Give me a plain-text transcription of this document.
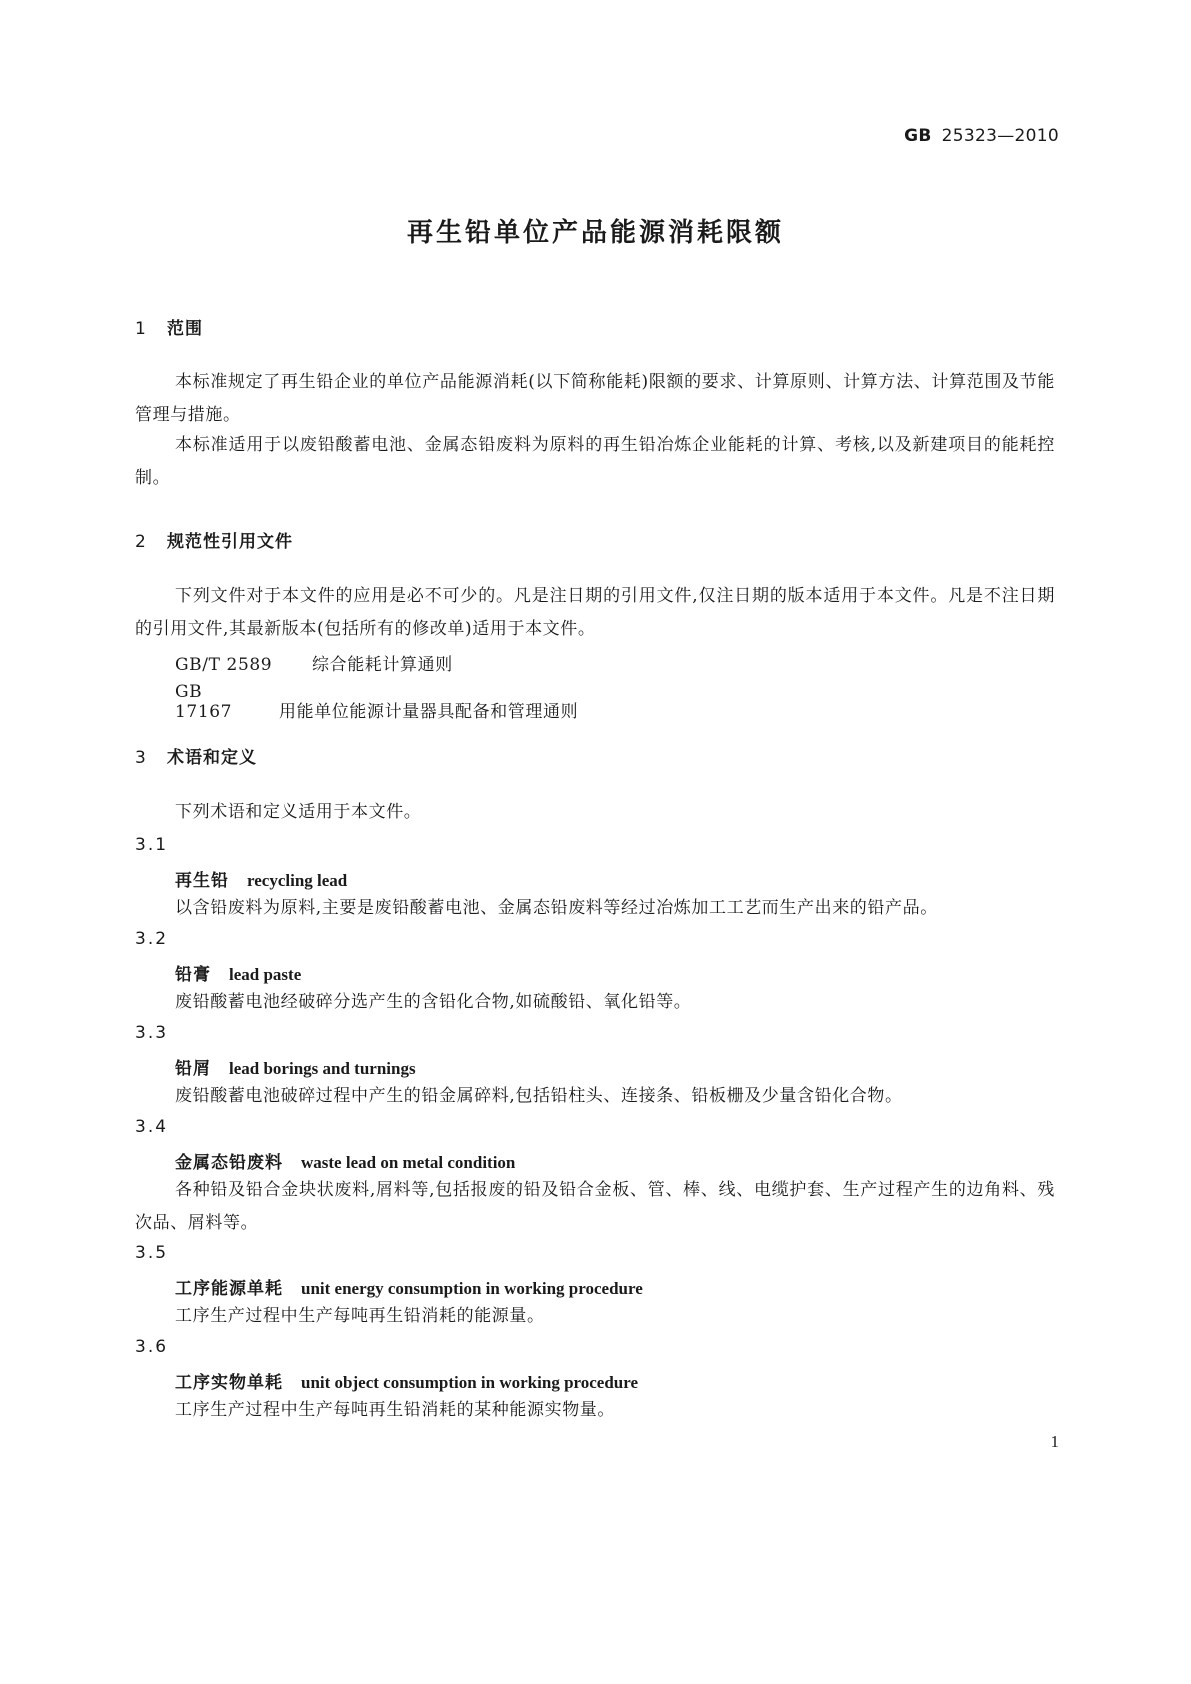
GB 25323—2010
再生铅单位产品能源消耗限额
1 范围
本标准规定了再生铅企业的单位产品能源消耗(以下简称能耗)限额的要求、计算原则、计算方法、计算范围及节能管理与措施。
本标准适用于以废铅酸蓄电池、金属态铅废料为原料的再生铅冶炼企业能耗的计算、考核,以及新建项目的能耗控制。
2 规范性引用文件
下列文件对于本文件的应用是必不可少的。凡是注日期的引用文件,仅注日期的版本适用于本文件。凡是不注日期的引用文件,其最新版本(包括所有的修改单)适用于本文件。
GB/T 2589 综合能耗计算通则
GB 17167	用能单位能源计量器具配备和管理通则
3 术语和定义
下列术语和定义适用于本文件。
3.1
再生铅 recycling lead
以含铅废料为原料,主要是废铅酸蓄电池、金属态铅废料等经过冶炼加工工艺而生产出来的铅产品。
3.2
铅膏 lead paste
废铅酸蓄电池经破碎分选产生的含铅化合物,如硫酸铅、氧化铅等。
3.3
铅屑 lead borings and turnings
废铅酸蓄电池破碎过程中产生的铅金属碎料,包括铅柱头、连接条、铅板栅及少量含铅化合物。
3.4
金属态铅废料 waste lead on metal condition
各种铅及铅合金块状废料,屑料等,包括报废的铅及铅合金板、管、棒、线、电缆护套、生产过程产生的边角料、残次品、屑料等。
3.5
工序能源单耗 unit energy consumption in working procedure
工序生产过程中生产每吨再生铅消耗的能源量。
3.6
工序实物单耗 unit object consumption in working procedure
工序生产过程中生产每吨再生铅消耗的某种能源实物量。
1
